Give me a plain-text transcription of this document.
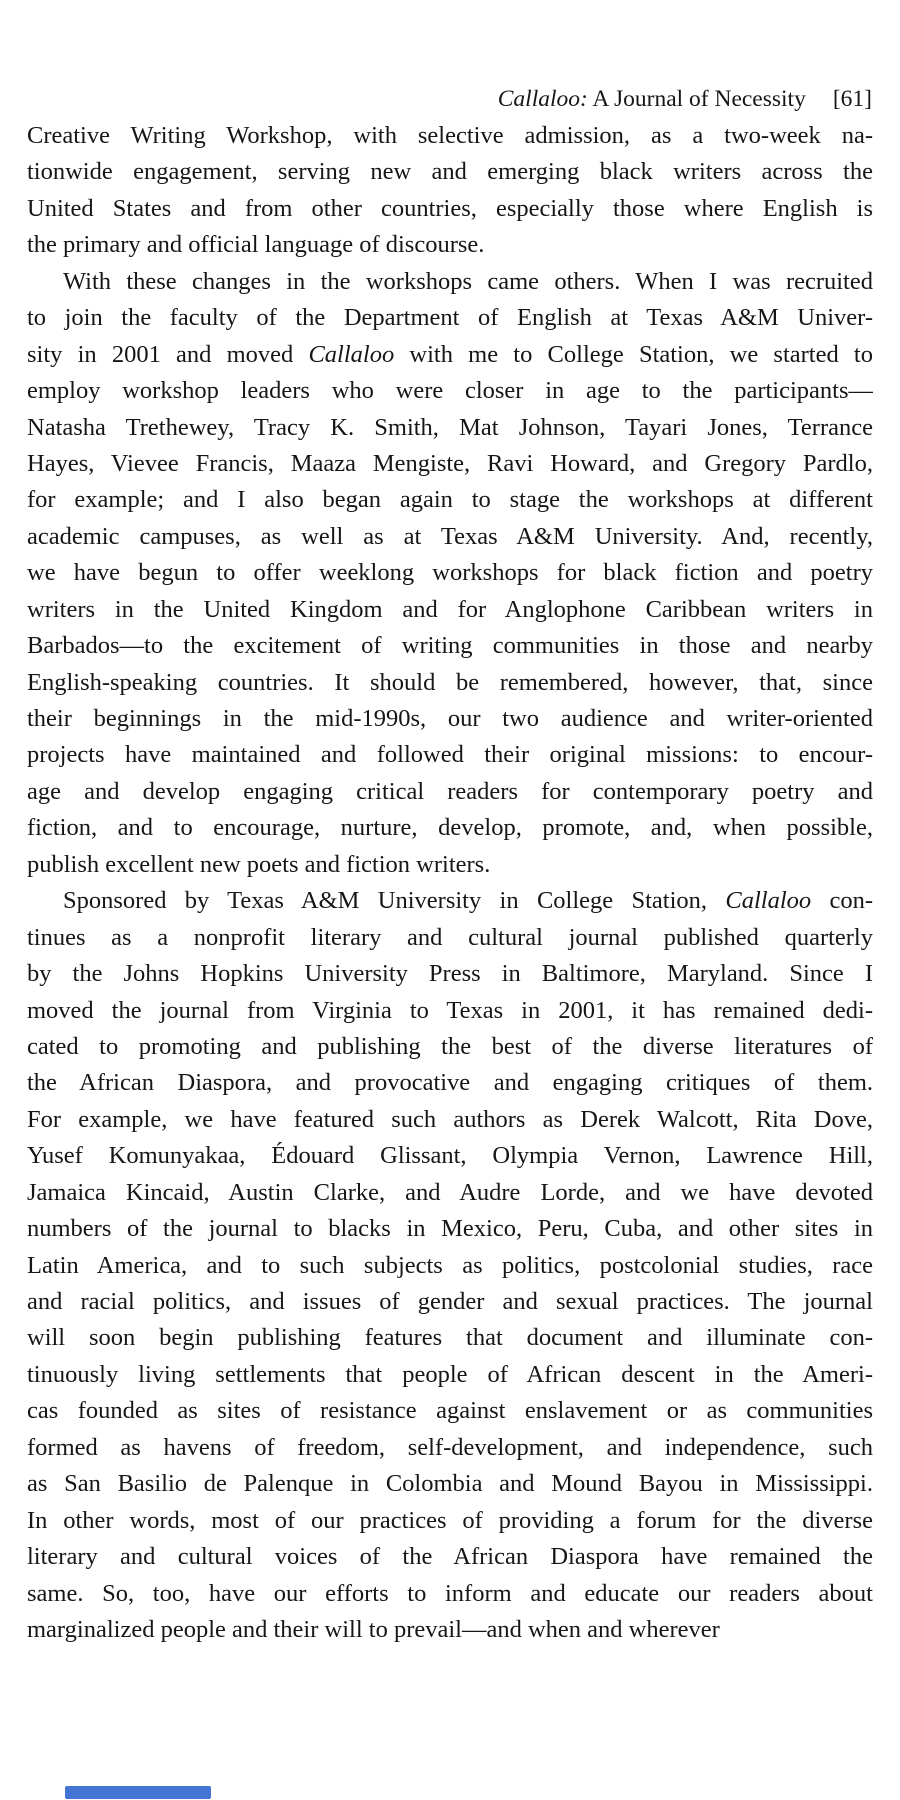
Callaloo: A Journal of Necessity [61]
Creative Writing Workshop, with selective admission, as a two-week na-
tionwide engagement, serving new and emerging black writers across the
United States and from other countries, especially those where English is
the primary and official language of discourse.
With these changes in the workshops came others. When I was recruited
to join the faculty of the Department of English at Texas A&M Univer-
sity in 2001 and moved Callaloo with me to College Station, we started to
employ workshop leaders who were closer in age to the participants—
Natasha Trethewey, Tracy K. Smith, Mat Johnson, Tayari Jones, Terrance
Hayes, Vievee Francis, Maaza Mengiste, Ravi Howard, and Gregory Pardlo,
for example; and I also began again to stage the workshops at different
academic campuses, as well as at Texas A&M University. And, recently,
we have begun to offer weeklong workshops for black fiction and poetry
writers in the United Kingdom and for Anglophone Caribbean writers in
Barbados—to the excitement of writing communities in those and nearby
English-speaking countries. It should be remembered, however, that, since
their beginnings in the mid-1990s, our two audience and writer-oriented
projects have maintained and followed their original missions: to encour-
age and develop engaging critical readers for contemporary poetry and
fiction, and to encourage, nurture, develop, promote, and, when possible,
publish excellent new poets and fiction writers.
Sponsored by Texas A&M University in College Station, Callaloo con-
tinues as a nonprofit literary and cultural journal published quarterly
by the Johns Hopkins University Press in Baltimore, Maryland. Since I
moved the journal from Virginia to Texas in 2001, it has remained dedi-
cated to promoting and publishing the best of the diverse literatures of
the African Diaspora, and provocative and engaging critiques of them.
For example, we have featured such authors as Derek Walcott, Rita Dove,
Yusef Komunyakaa, Édouard Glissant, Olympia Vernon, Lawrence Hill,
Jamaica Kincaid, Austin Clarke, and Audre Lorde, and we have devoted
numbers of the journal to blacks in Mexico, Peru, Cuba, and other sites in
Latin America, and to such subjects as politics, postcolonial studies, race
and racial politics, and issues of gender and sexual practices. The journal
will soon begin publishing features that document and illuminate con-
tinuously living settlements that people of African descent in the Ameri-
cas founded as sites of resistance against enslavement or as communities
formed as havens of freedom, self-development, and independence, such
as San Basilio de Palenque in Colombia and Mound Bayou in Mississippi.
In other words, most of our practices of providing a forum for the diverse
literary and cultural voices of the African Diaspora have remained the
same. So, too, have our efforts to inform and educate our readers about
marginalized people and their will to prevail—and when and wherever
